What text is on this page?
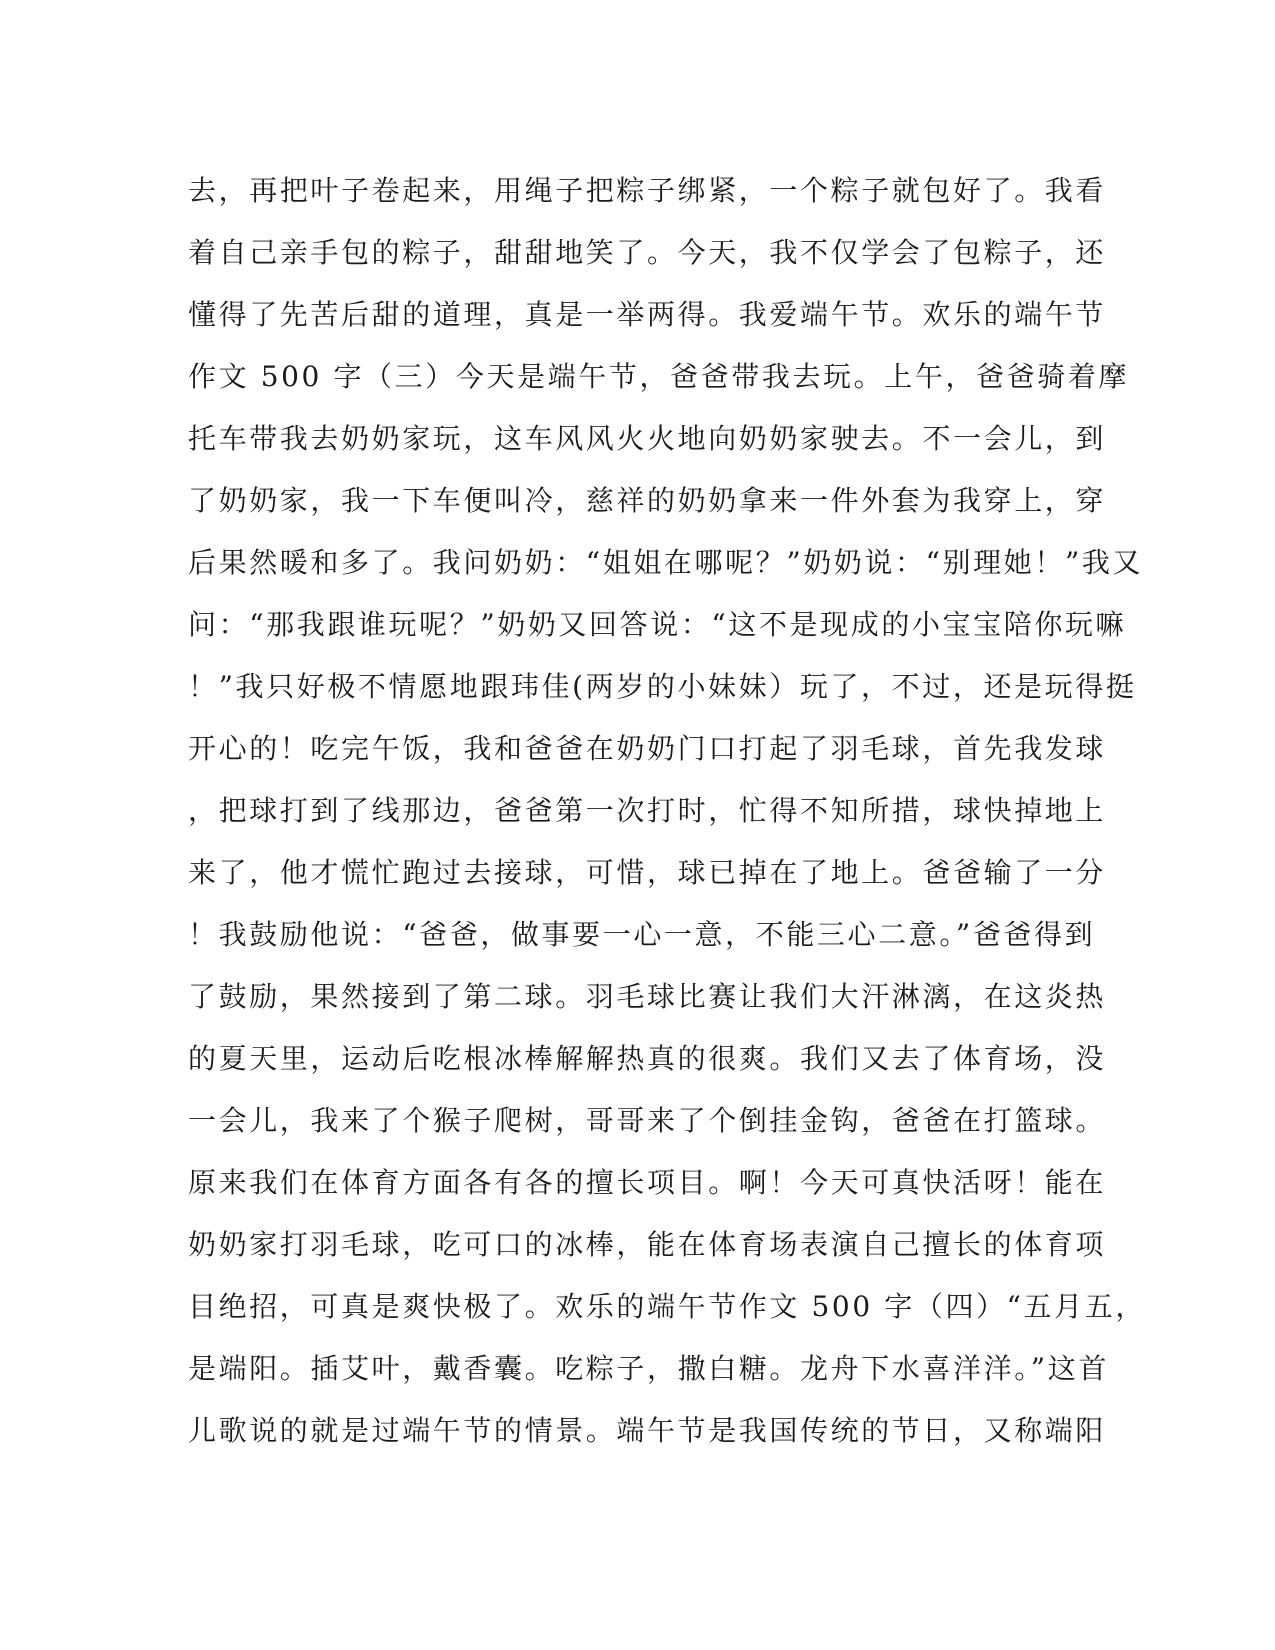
去，再把叶子卷起来，用绳子把粽子绑紧，一个粽子就包好了。我看
着自己亲手包的粽子，甜甜地笑了。今天，我不仅学会了包粽子，还
懂得了先苦后甜的道理，真是一举两得。我爱端午节。欢乐的端午节
作文 500 字（三）今天是端午节，爸爸带我去玩。上午，爸爸骑着摩
托车带我去奶奶家玩，这车风风火火地向奶奶家驶去。不一会儿，到
了奶奶家，我一下车便叫冷，慈祥的奶奶拿来一件外套为我穿上，穿
后果然暖和多了。我问奶奶：“姐姐在哪呢？”奶奶说：“别理她！”我又
问：“那我跟谁玩呢？”奶奶又回答说：“这不是现成的小宝宝陪你玩嘛
！”我只好极不情愿地跟玮佳(两岁的小妹妹）玩了，不过，还是玩得挺
开心的！吃完午饭，我和爸爸在奶奶门口打起了羽毛球，首先我发球
，把球打到了线那边，爸爸第一次打时，忙得不知所措，球快掉地上
来了，他才慌忙跑过去接球，可惜，球已掉在了地上。爸爸输了一分
！我鼓励他说：“爸爸，做事要一心一意，不能三心二意。”爸爸得到
了鼓励，果然接到了第二球。羽毛球比赛让我们大汗淋漓，在这炎热
的夏天里，运动后吃根冰棒解解热真的很爽。我们又去了体育场，没
一会儿，我来了个猴子爬树，哥哥来了个倒挂金钩，爸爸在打篮球。
原来我们在体育方面各有各的擅长项目。啊！今天可真快活呀！能在
奶奶家打羽毛球，吃可口的冰棒，能在体育场表演自己擅长的体育项
目绝招，可真是爽快极了。欢乐的端午节作文 500 字（四）“五月五，
是端阳。插艾叶，戴香囊。吃粽子，撒白糖。龙舟下水喜洋洋。”这首
儿歌说的就是过端午节的情景。端午节是我国传统的节日，又称端阳
